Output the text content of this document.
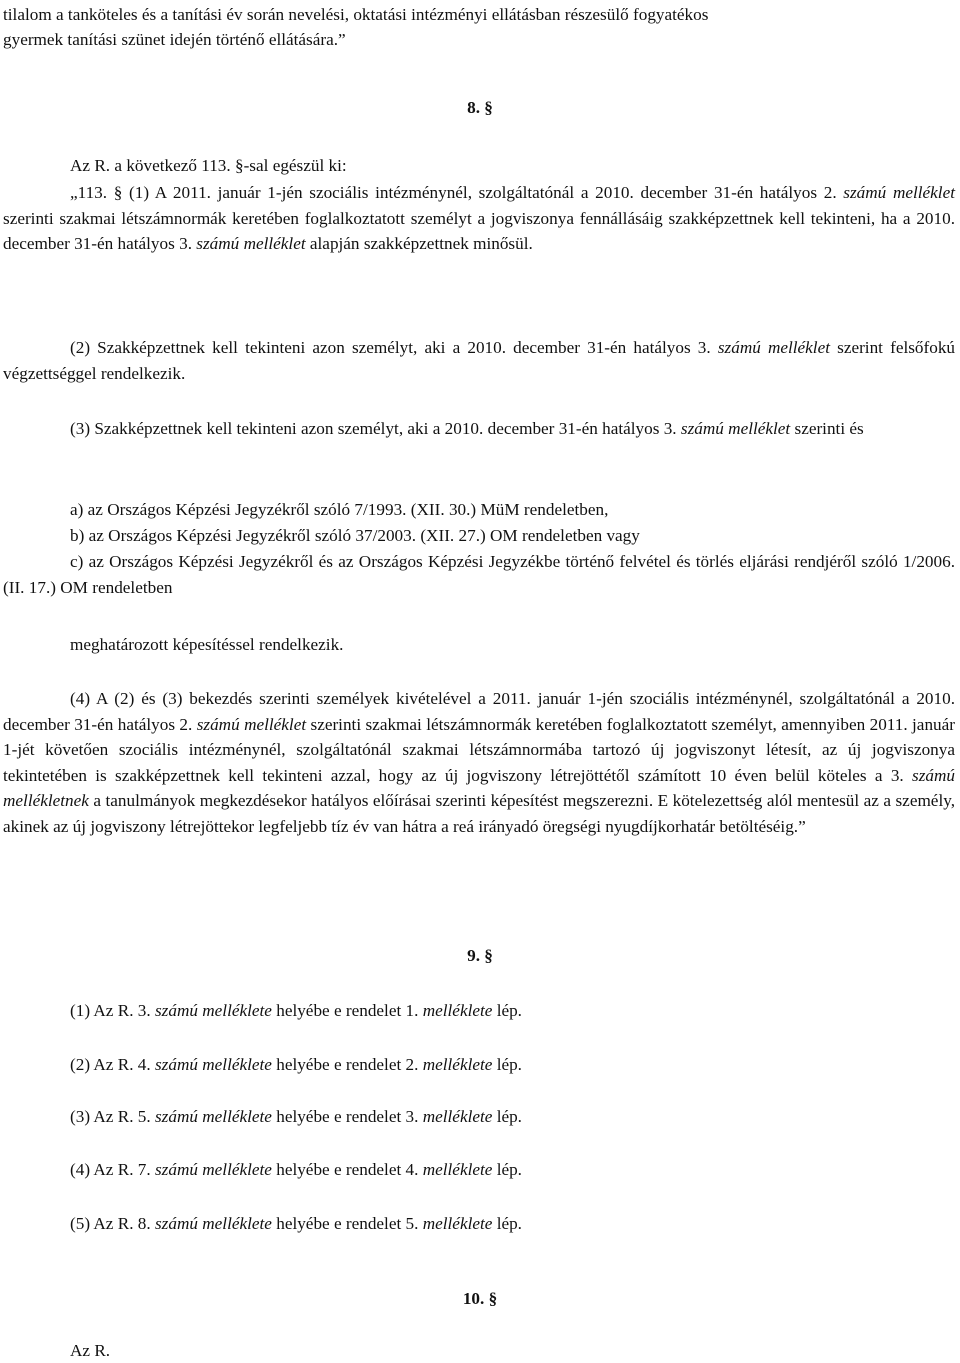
tilalom a tanköteles és a tanítási év során nevelési, oktatási intézményi ellátásban részesülő fogyatékos

gyermek tanítási szünet idején történő ellátására.”

8. §

Az R. a következő 113. §-sal egészül ki:

„113. § (1) A 2011. január 1-jén szociális intézménynél, szolgáltatónál a 2010. december 31-én hatályos 2. számú melléklet szerinti szakmai létszámnormák keretében foglalkoztatott személyt a jogviszonya fennállásáig szakképzettnek kell tekinteni, ha a 2010. december 31-én hatályos 3. számú melléklet alapján szakképzettnek minősül.

(2) Szakképzettnek kell tekinteni azon személyt, aki a 2010. december 31-én hatályos 3. számú melléklet szerint felsőfokú végzettséggel rendelkezik.

(3) Szakképzettnek kell tekinteni azon személyt, aki a 2010. december 31-én hatályos 3. számú melléklet szerinti és

a) az Országos Képzési Jegyzékről szóló 7/1993. (XII. 30.) MüM rendeletben,

b) az Országos Képzési Jegyzékről szóló 37/2003. (XII. 27.) OM rendeletben vagy

c) az Országos Képzési Jegyzékről és az Országos Képzési Jegyzékbe történő felvétel és törlés eljárási rendjéről szóló 1/2006. (II. 17.) OM rendeletben

meghatározott képesítéssel rendelkezik.

(4) A (2) és (3) bekezdés szerinti személyek kivételével a 2011. január 1-jén szociális intézménynél, szolgáltatónál a 2010. december 31-én hatályos 2. számú melléklet szerinti szakmai létszámnormák keretében foglalkoztatott személyt, amennyiben 2011. január 1-jét követően szociális intézménynél, szolgáltatónál szakmai létszámnormába tartozó új jogviszonyt létesít, az új jogviszonya tekintetében is szakképzettnek kell tekinteni azzal, hogy az új jogviszony létrejöttétől számított 10 éven belül köteles a 3. számú mellékletnek a tanulmányok megkezdésekor hatályos előírásai szerinti képesítést megszerezni. E kötelezettség alól mentesül az a személy, akinek az új jogviszony létrejöttekor legfeljebb tíz év van hátra a reá irányadó öregségi nyugdíjkorhatár betöltéséig.”

9. §

(1) Az R. 3. számú melléklete helyébe e rendelet 1. melléklete lép.

(2) Az R. 4. számú melléklete helyébe e rendelet 2. melléklete lép.

(3) Az R. 5. számú melléklete helyébe e rendelet 3. melléklete lép.

(4) Az R. 7. számú melléklete helyébe e rendelet 4. melléklete lép.

(5) Az R. 8. számú melléklete helyébe e rendelet 5. melléklete lép.

10. §

Az R.
